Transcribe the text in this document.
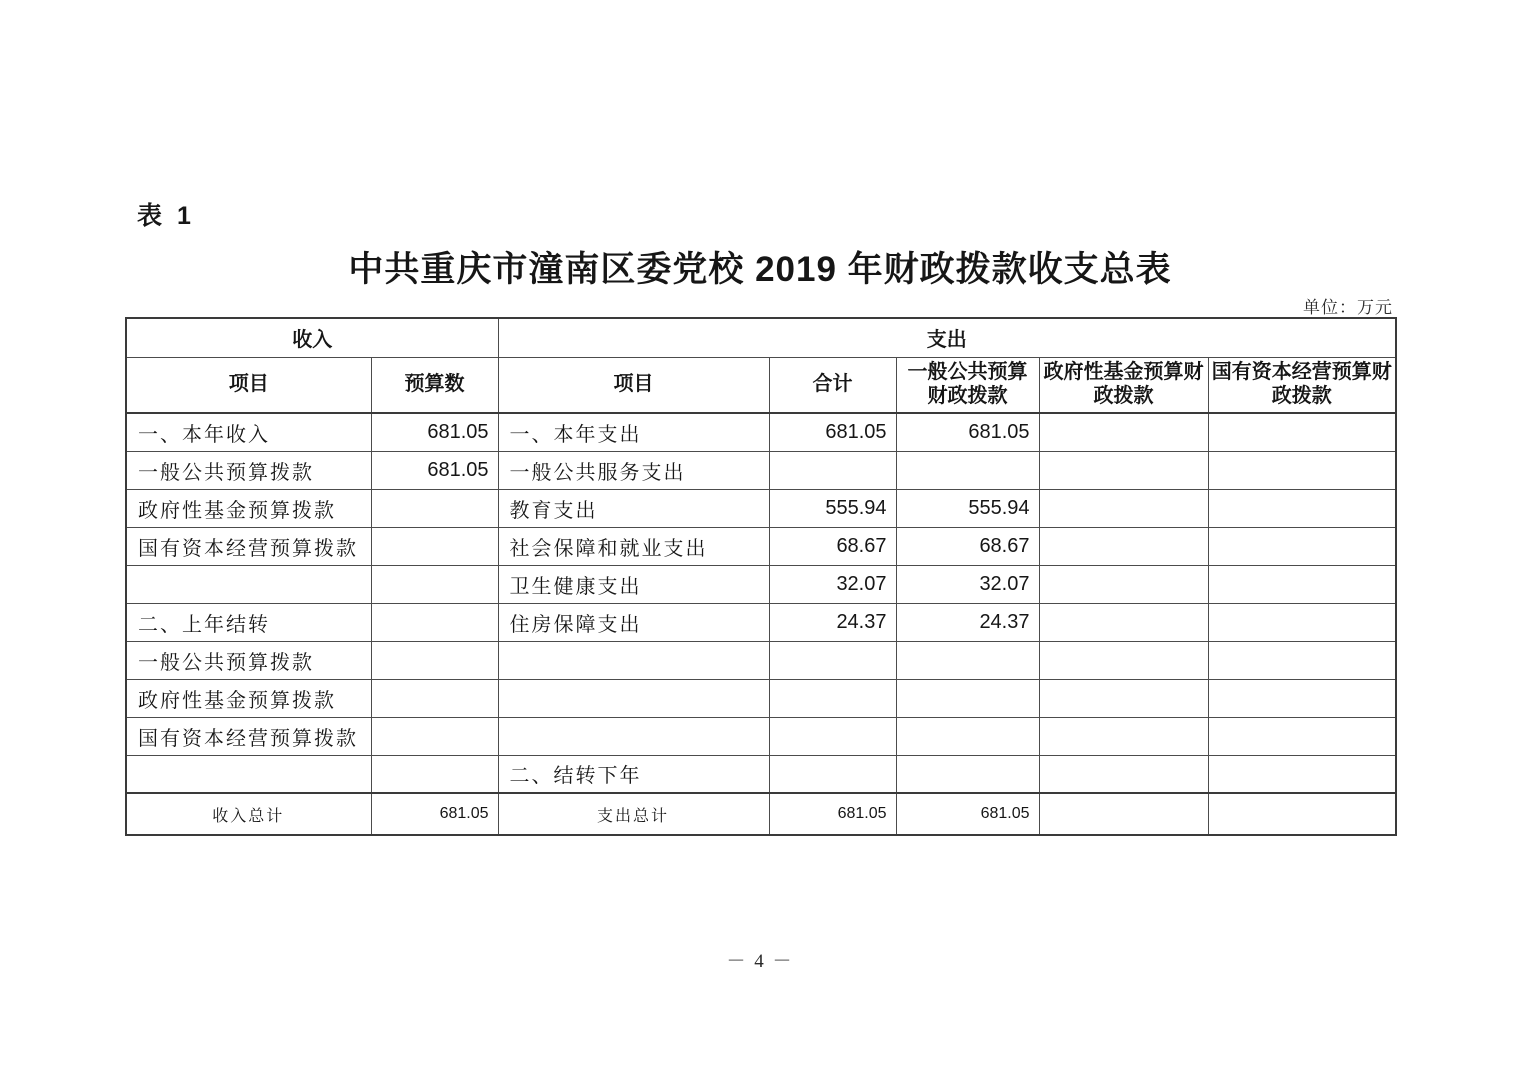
表 1
中共重庆市潼南区委党校 2019 年财政拨款收支总表
单位：万元
收入		支出				
项目	预算数	项目	合计	一般公共预算财政拨款	政府性基金预算财政拨款	国有资本经营预算财政拨款
一、本年收入	681.05	一、本年支出	681.05	681.05		
一般公共预算拨款	681.05	一般公共服务支出				
政府性基金预算拨款		教育支出	555.94	555.94		
国有资本经营预算拨款		社会保障和就业支出	68.67	68.67		
		卫生健康支出	32.07	32.07		
二、上年结转		住房保障支出	24.37	24.37		
一般公共预算拨款						
政府性基金预算拨款						
国有资本经营预算拨款						
		二、结转下年				
收入总计	681.05	支出总计	681.05	681.05		
－ 4 －
